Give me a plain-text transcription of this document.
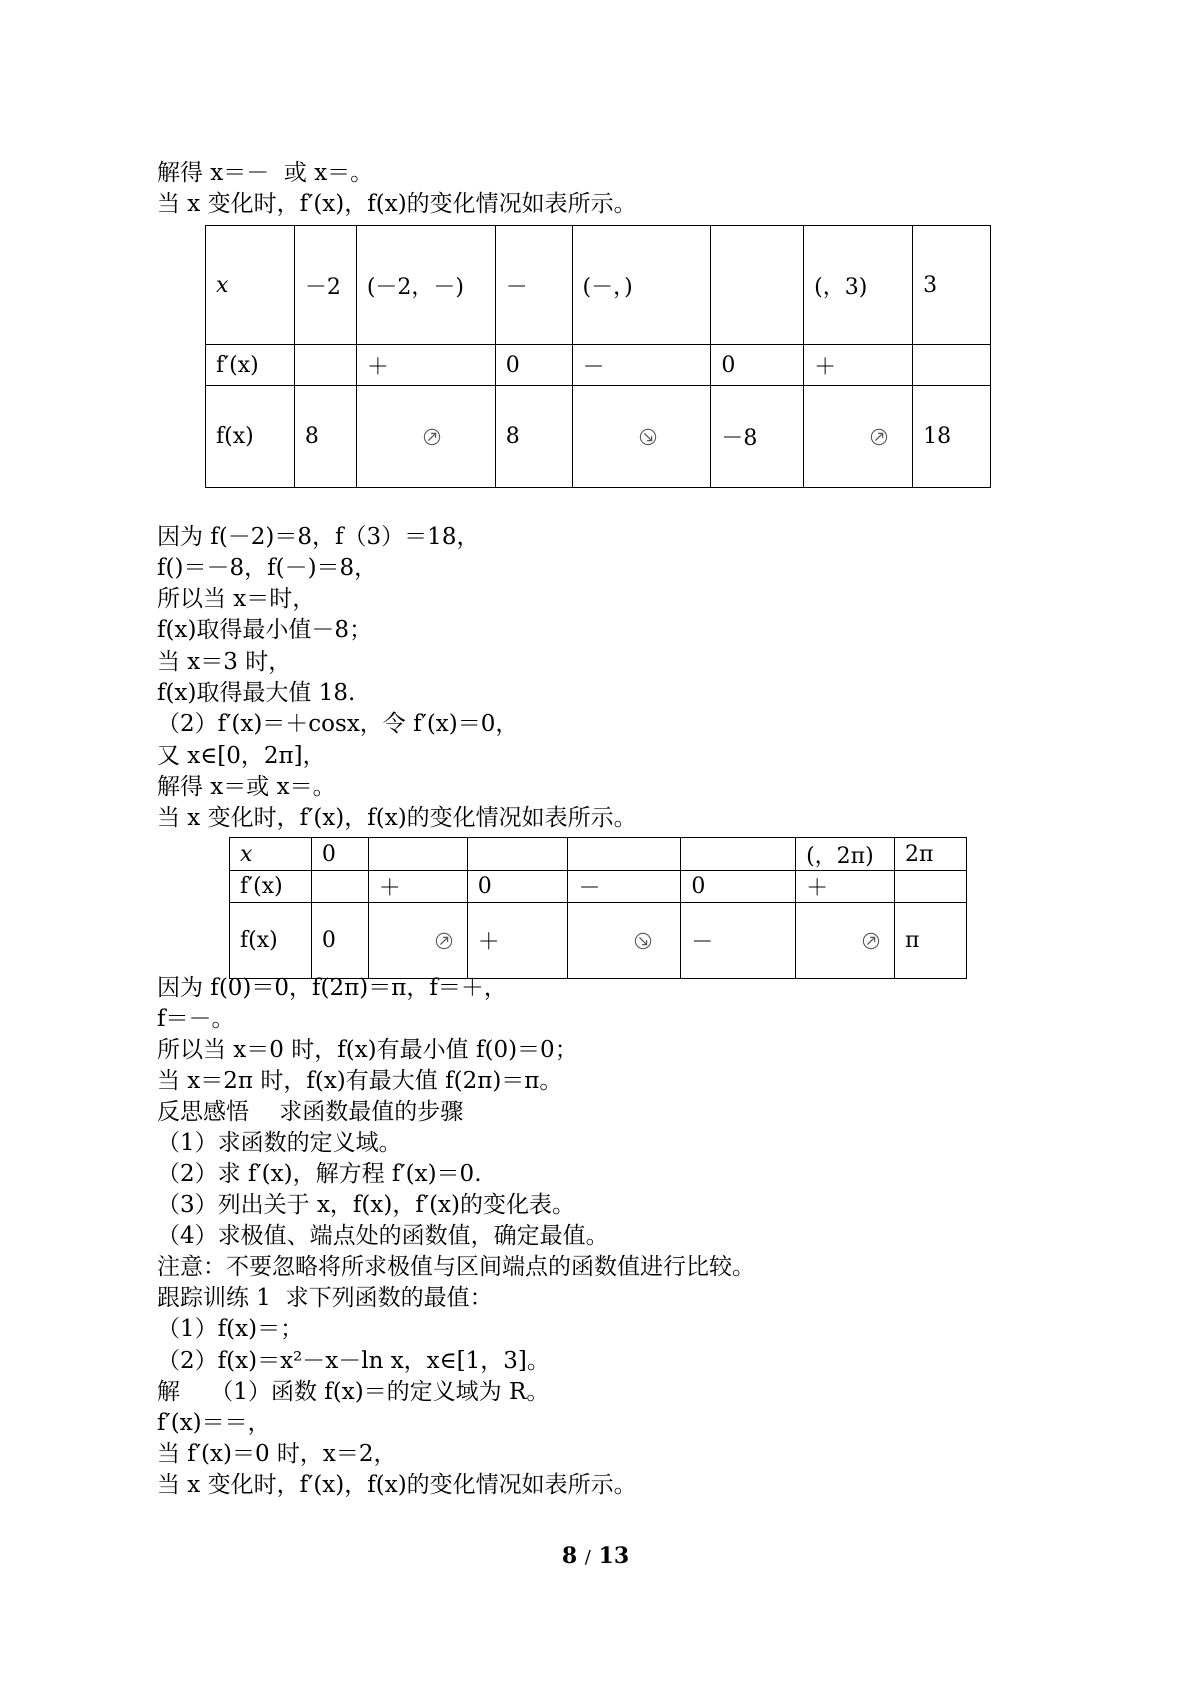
解得 x＝－  或 x＝。
当 x 变化时，f′(x)，f(x)的变化情况如表所示。
x	－2	(－2，－)	－	(－，)		(，3)	3
f′(x)		＋	0	－	0	＋	
f(x)	8		8		－8		18
因为 f(－2)＝8，f（3）＝18，
f()＝－8，f(－)＝8，
所以当 x＝时，
f(x)取得最小值－8；
当 x＝3 时，
f(x)取得最大值 18.
（2）f′(x)＝＋cosx，令 f′(x)＝0，
又 x∈[0，2π]，
解得 x＝或 x＝。
当 x 变化时，f′(x)，f(x)的变化情况如表所示。
x	0					(，2π)	2π
f′(x)		＋	0	－	0	＋	
f(x)	0		＋		－		π
因为 f(0)＝0，f(2π)＝π，f＝＋，
f＝－。
所以当 x＝0 时，f(x)有最小值 f(0)＝0；
当 x＝2π 时，f(x)有最大值 f(2π)＝π。
反思感悟　 求函数最值的步骤
（1）求函数的定义域。
（2）求 f′(x)，解方程 f′(x)＝0.
（3）列出关于 x，f(x)，f′(x)的变化表。
（4）求极值、端点处的函数值，确定最值。
注意：不要忽略将所求极值与区间端点的函数值进行比较。
跟踪训练 1  求下列函数的最值：
（1）f(x)＝；
（2）f(x)＝x²－x－ln x，x∈[1，3]。
解　 （1）函数 f(x)＝的定义域为 R。
f′(x)＝＝，
当 f′(x)＝0 时，x＝2，
当 x 变化时，f′(x)，f(x)的变化情况如表所示。
8 / 13
